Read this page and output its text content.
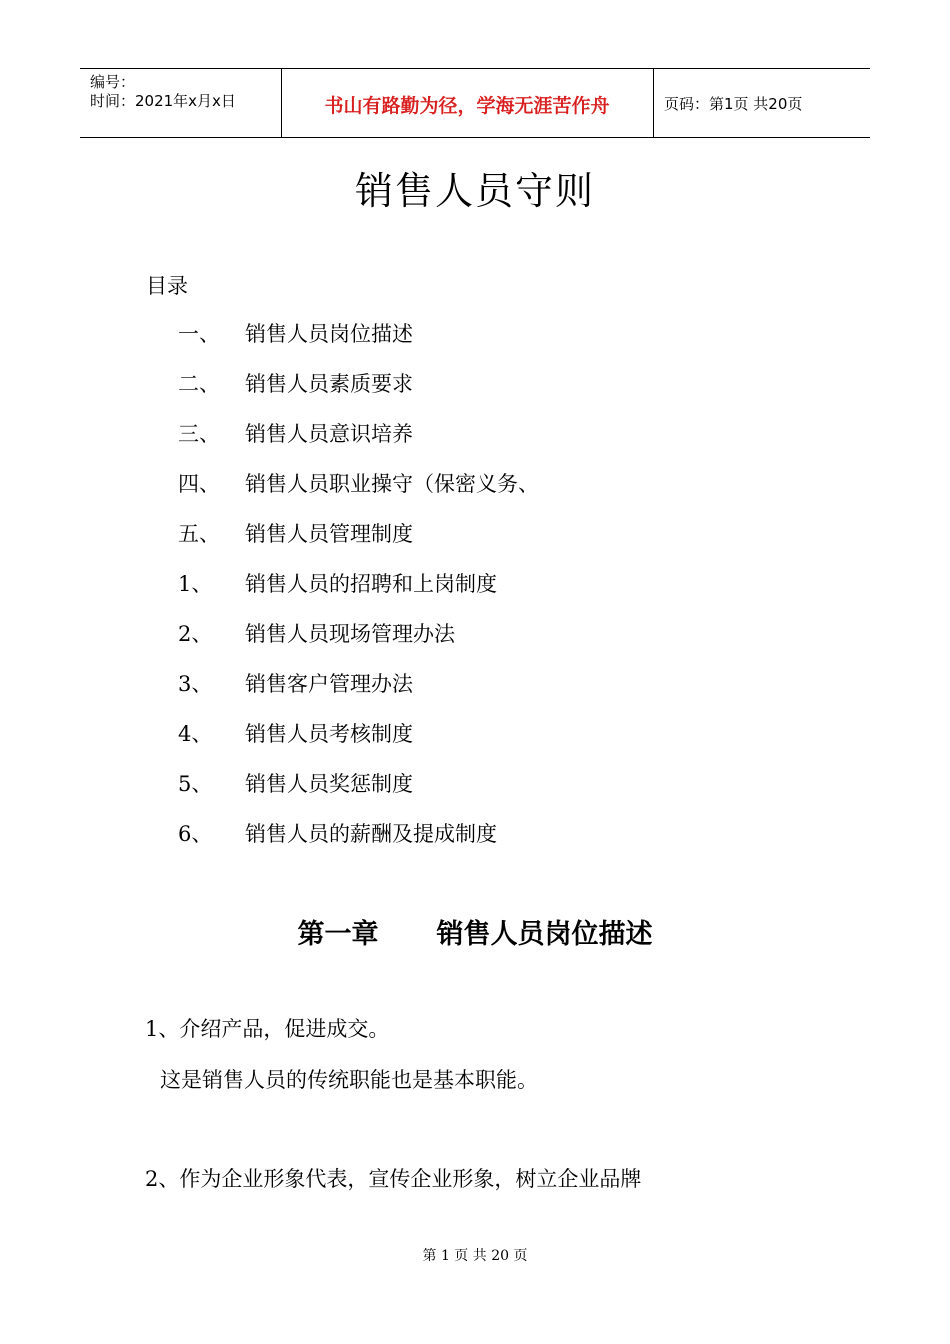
编号：
时间：2021年x月x日	书山有路勤为径，学海无涯苦作舟	页码：第1页 共20页
销售人员守则
目录
一、 销售人员岗位描述
二、 销售人员素质要求
三、 销售人员意识培养
四、 销售人员职业操守（保密义务、
五、 销售人员管理制度
1、 销售人员的招聘和上岗制度
2、 销售人员现场管理办法
3、 销售客户管理办法
4、 销售人员考核制度
5、 销售人员奖惩制度
6、 销售人员的薪酬及提成制度
第一章 销售人员岗位描述
1、介绍产品，促进成交。
这是销售人员的传统职能也是基本职能。
2、作为企业形象代表，宣传企业形象，树立企业品牌
第 1 页 共 20 页
